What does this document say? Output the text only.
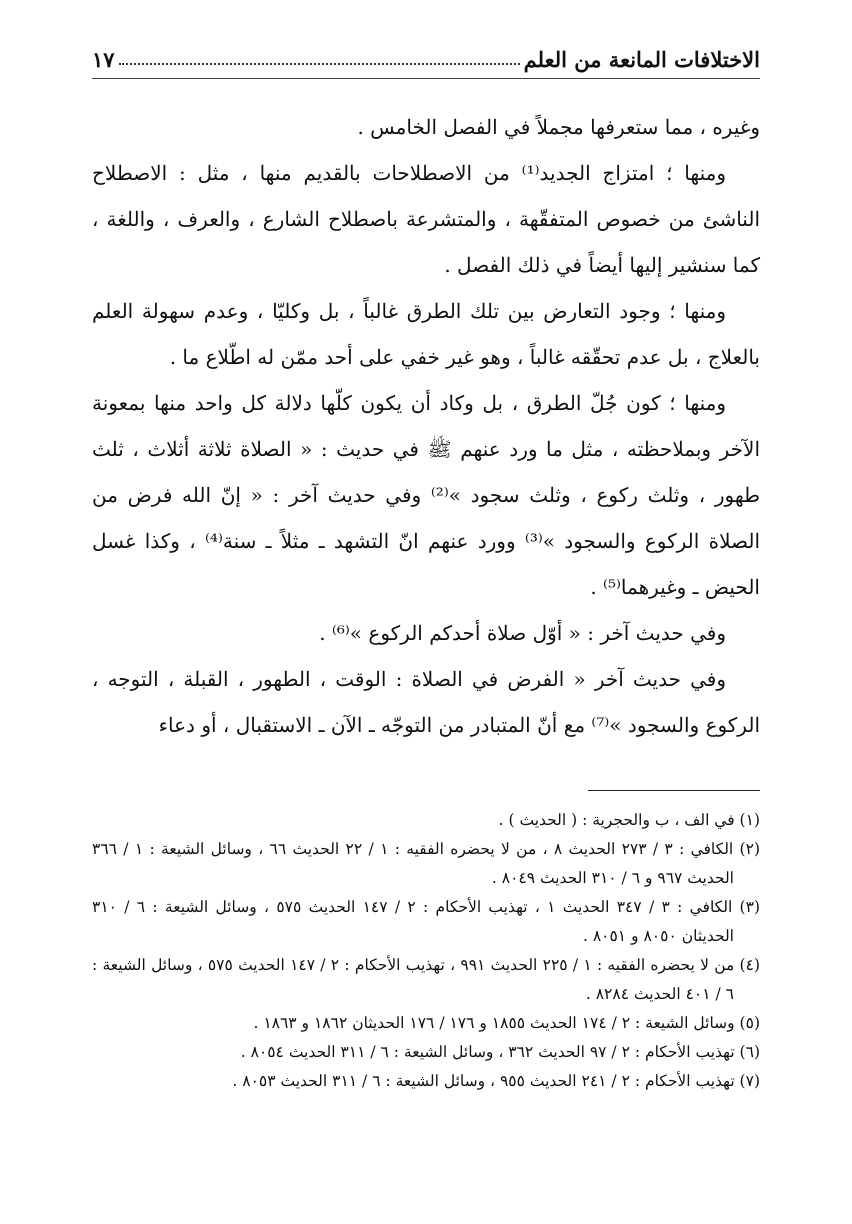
الاختلافات المانعة من العلم
١٧

وغيره ، مما ستعرفها مجملاً في الفصل الخامس .

ومنها ؛ امتزاج الجديد⁽¹⁾ من الاصطلاحات بالقديم منها ، مثل : الاصطلاح الناشئ من خصوص المتفقّهة ، والمتشرعة باصطلاح الشارع ، والعرف ، واللغة ، كما سنشير إليها أيضاً في ذلك الفصل .

ومنها ؛ وجود التعارض بين تلك الطرق غالباً ، بل وكليّا ، وعدم سهولة العلم بالعلاج ، بل عدم تحقّقه غالباً ، وهو غير خفي على أحد ممّن له اطّلاع ما .

ومنها ؛ كون جُلّ الطرق ، بل وكاد أن يكون كلّها دلالة كل واحد منها بمعونة الآخر وبملاحظته ، مثل ما ورد عنهم ﷺ في حديث : « الصلاة ثلاثة أثلاث ، ثلث طهور ، وثلث ركوع ، وثلث سجود »⁽²⁾ وفي حديث آخر : « إنّ الله فرض من الصلاة الركوع والسجود »⁽³⁾ وورد عنهم انّ التشهد ـ مثلاً ـ سنة⁽⁴⁾ ، وكذا غسل الحيض ـ وغيرهما⁽⁵⁾ .

وفي حديث آخر : « أوّل صلاة أحدكم الركوع »⁽⁶⁾ .

وفي حديث آخر « الفرض في الصلاة : الوقت ، الطهور ، القبلة ، التوجه ، الركوع والسجود »⁽⁷⁾ مع أنّ المتبادر من التوجّه ـ الآن ـ الاستقبال ، أو دعاء

(١) في الف ، ب والحجرية : ( الحديث ) .

(٢) الكافي : ٣ / ٢٧٣ الحديث ٨ ، من لا يحضره الفقيه : ١ / ٢٢ الحديث ٦٦ ، وسائل الشيعة : ١ / ٣٦٦ الحديث ٩٦٧ و ٦ / ٣١٠ الحديث ٨٠٤٩ .

(٣) الكافي : ٣ / ٣٤٧ الحديث ١ ، تهذيب الأحكام : ٢ / ١٤٧ الحديث ٥٧٥ ، وسائل الشيعة : ٦ / ٣١٠ الحديثان ٨٠٥٠ و ٨٠٥١ .

(٤) من لا يحضره الفقيه : ١ / ٢٢٥ الحديث ٩٩١ ، تهذيب الأحكام : ٢ / ١٤٧ الحديث ٥٧٥ ، وسائل الشيعة : ٦ / ٤٠١ الحديث ٨٢٨٤ .

(٥) وسائل الشيعة : ٢ / ١٧٤ الحديث ١٨٥٥ و ١٧٦ / ١٧٦ الحديثان ١٨٦٢ و ١٨٦٣ .

(٦) تهذيب الأحكام : ٢ / ٩٧ الحديث ٣٦٢ ، وسائل الشيعة : ٦ / ٣١١ الحديث ٨٠٥٤ .

(٧) تهذيب الأحكام : ٢ / ٢٤١ الحديث ٩٥٥ ، وسائل الشيعة : ٦ / ٣١١ الحديث ٨٠٥٣ .
